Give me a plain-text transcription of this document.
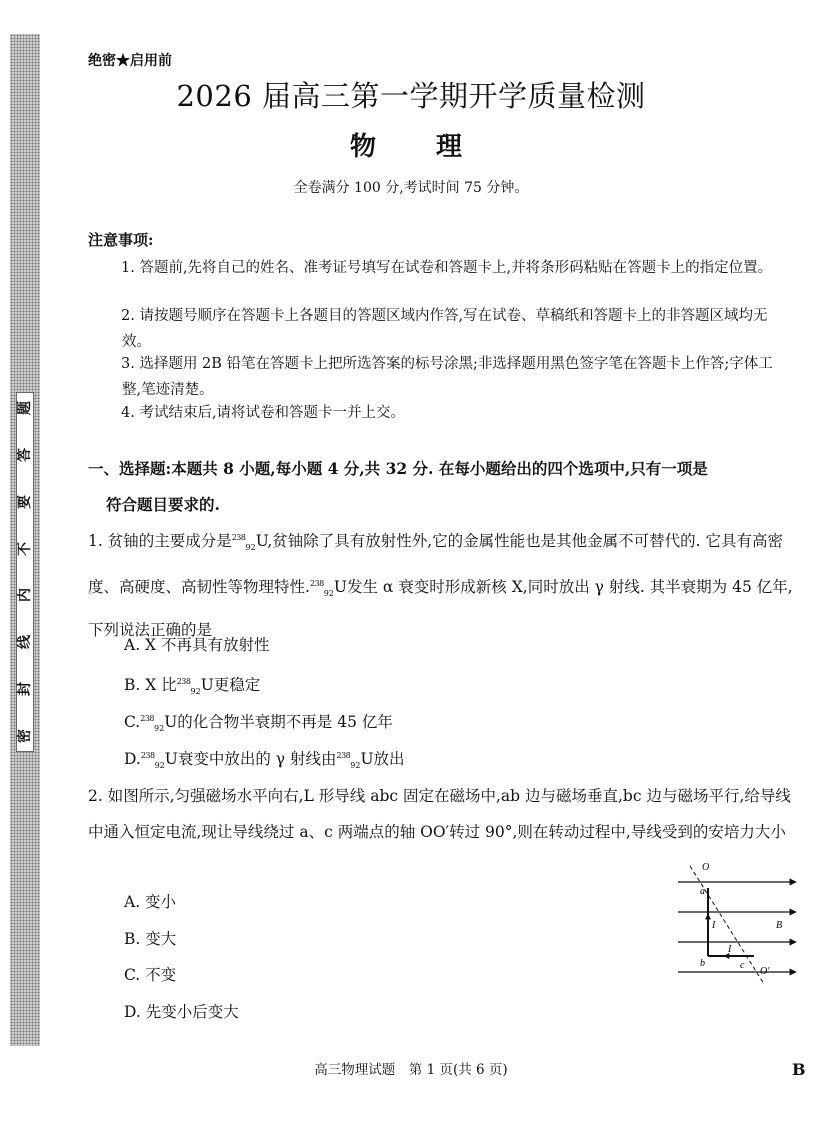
题
答
要
不
内
线
封
密
绝密★启用前
2026 届高三第一学期开学质量检测
物理
全卷满分 100 分,考试时间 75 分钟。
注意事项:
1. 答题前,先将自己的姓名、准考证号填写在试卷和答题卡上,并将条形码粘贴在答题卡上的指定位置。
2. 请按题号顺序在答题卡上各题目的答题区域内作答,写在试卷、草稿纸和答题卡上的非答题区域均无效。
3. 选择题用 2B 铅笔在答题卡上把所选答案的标号涂黑;非选择题用黑色签字笔在答题卡上作答;字体工整,笔迹清楚。
4. 考试结束后,请将试卷和答题卡一并上交。
一、选择题:本题共 8 小题,每小题 4 分,共 32 分. 在每小题给出的四个选项中,只有一项是
符合题目要求的.
1. 贫铀的主要成分是$^{238}_{92}$U,贫铀除了具有放射性外,它的金属性能也是其他金属不可替代的. 它具有高密度、高硬度、高韧性等物理特性.$^{238}_{92}$U发生 α 衰变时形成新核 X,同时放出 γ 射线. 其半衰期为 45 亿年,下列说法正确的是
A. X 不再具有放射性
B. X 比$^{238}_{92}$U更稳定
C.$^{238}_{92}$U的化合物半衰期不再是 45 亿年
D.$^{238}_{92}$U衰变中放出的 γ 射线由$^{238}_{92}$U放出
2. 如图所示,匀强磁场水平向右,L 形导线 abc 固定在磁场中,ab 边与磁场垂直,bc 边与磁场平行,给导线中通入恒定电流,现让导线绕过 a、c 两端点的轴 OO′转过 90°,则在转动过程中,导线受到的安培力大小
A. 变小
B. 变大
C. 不变
D. 先变小后变大
O
a
I	B
I
b	c
O′
高三物理试题　第 1 页(共 6 页)	B
